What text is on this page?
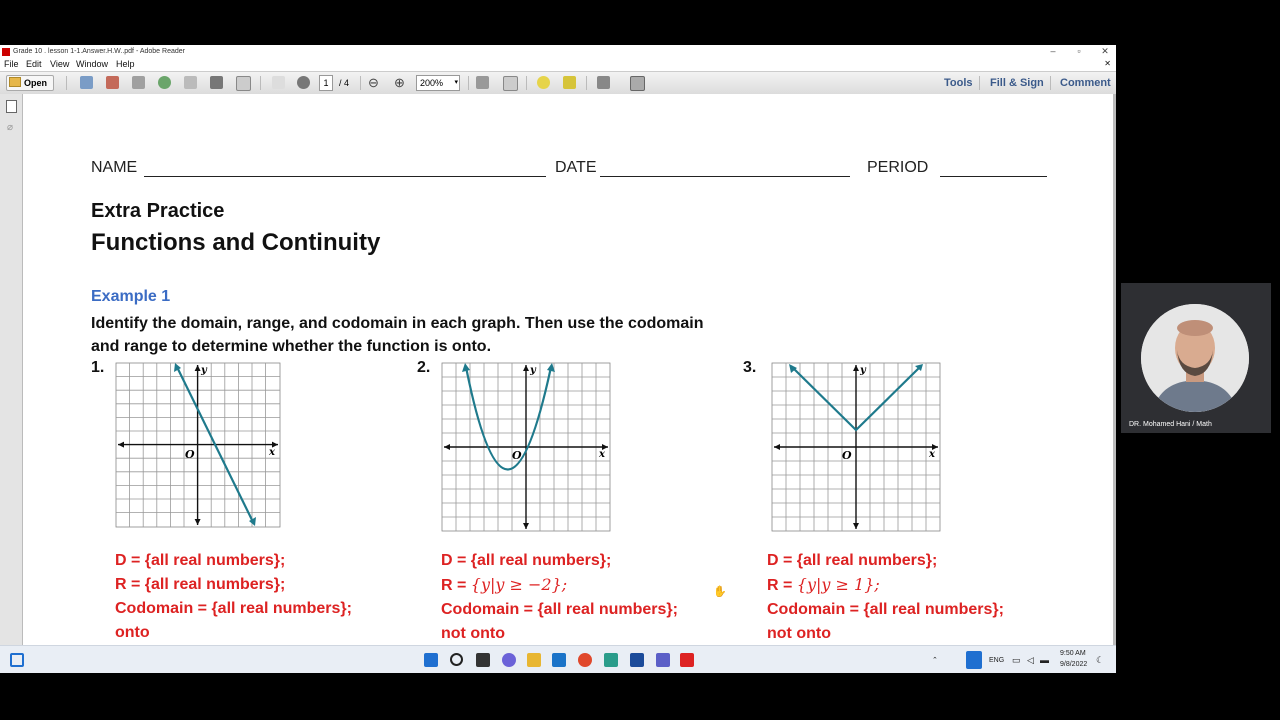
Grade 10 . lesson 1-1.Answer.H.W..pdf - Adobe Reader	–	▫	✕
File Edit View Window Help	✕
Open	1	/ 4 ⊖ ⊕	200% ▾	Tools Fill & Sign Comment
⌀
NAME	DATE	PERIOD
Extra Practice
Functions and Continuity
Example 1
Identify the domain, range, and codomain in each graph. Then use the codomain and range to determine whether the function is onto.
1.	2.	3.
O	x
y
O	x
y
O	x
y
D = {all real numbers};
R = {all real numbers};
Codomain = {all real numbers};
onto
D = {all real numbers};
R = {y|y ≥ −2};
Codomain = {all real numbers};
not onto
D = {all real numbers};
R = {y|y ≥ 1};
Codomain = {all real numbers};
not onto
✋
⌃	ENG ▭ ◁ ▬
9:50 AM
9/8/2022 ☾
DR. Mohamed Hani / Math
